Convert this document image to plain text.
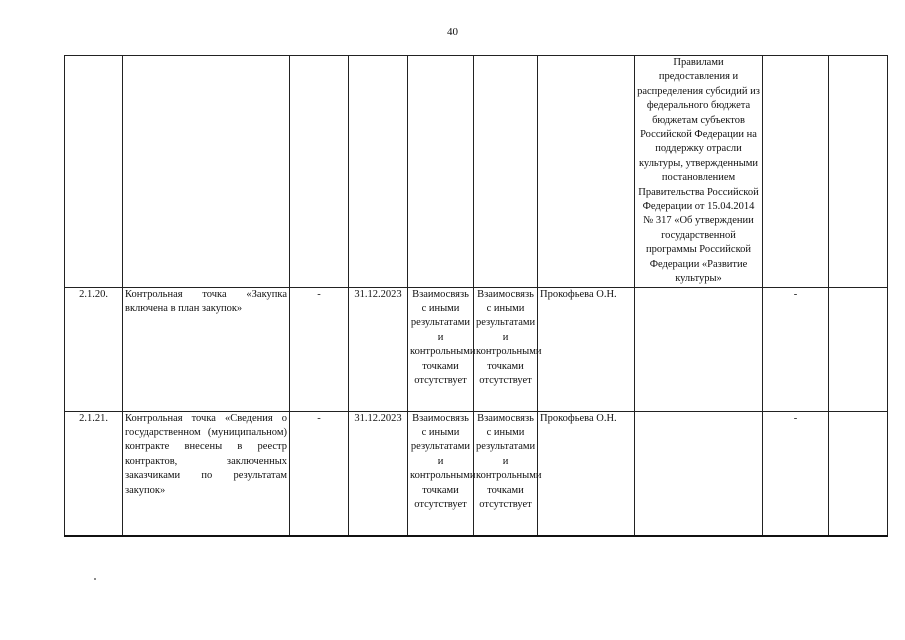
40
							Правилами предоставления и распределения субсидий из федерального бюджета бюджетам субъектов Российской Федерации на поддержку отрасли культуры, утвержденными постановлением Правительства Российской Федерации от 15.04.2014 № 317 «Об утверждении государственной программы Российской Федерации «Развитие культуры»		
2.1.20.	Контрольная точка «Закупка включена в план закупок»	-	31.12.2023	Взаимосвязь с иными результатами и контрольными точками отсутствует	Взаимосвязь с иными результатами и контрольными точками отсутствует	Прокофьева О.Н.		-	
2.1.21.	Контрольная точка «Сведения о государственном (муниципальном) контракте внесены в реестр контрактов, заключенных заказчиками по результатам закупок»	-	31.12.2023	Взаимосвязь с иными результатами и контрольными точками отсутствует	Взаимосвязь с иными результатами и контрольными точками отсутствует	Прокофьева О.Н.		-	
